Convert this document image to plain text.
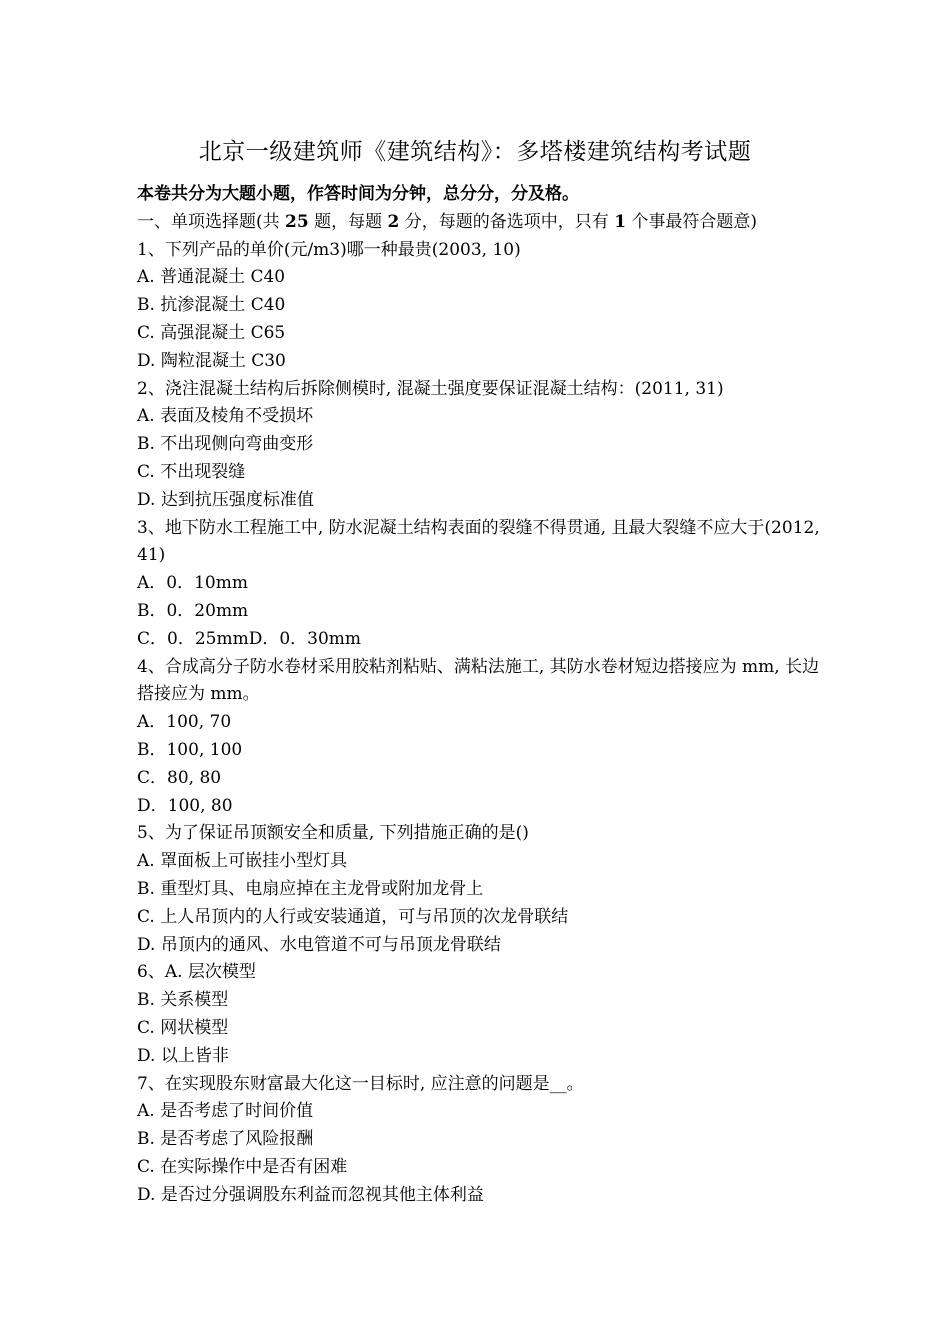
北京一级建筑师《建筑结构》：多塔楼建筑结构考试题
本卷共分为大题小题，作答时间为分钟，总分分，分及格。
一、单项选择题(共 25 题，每题 2 分，每题的备选项中，只有 1 个事最符合题意)
1、下列产品的单价(元/m3)哪一种最贵(2003, 10)
A. 普通混凝土 C40
B. 抗渗混凝土 C40
C. 高强混凝土 C65
D. 陶粒混凝土 C30
2、浇注混凝土结构后拆除侧模时, 混凝土强度要保证混凝土结构：(2011, 31)
A. 表面及棱角不受损坏
B. 不出现侧向弯曲变形
C. 不出现裂缝
D. 达到抗压强度标准值
3、地下防水工程施工中, 防水泥凝土结构表面的裂缝不得贯通, 且最大裂缝不应大于(2012, 41)
A．0．10mm
B．0．20mm
C．0．25mmD．0．30mm
4、合成高分子防水卷材采用胶粘剂粘贴、满粘法施工, 其防水卷材短边搭接应为 mm, 长边搭接应为 mm。
A．100, 70
B．100, 100
C．80, 80
D．100, 80
5、为了保证吊顶额安全和质量, 下列措施正确的是()
A. 罩面板上可嵌挂小型灯具
B. 重型灯具、电扇应掉在主龙骨或附加龙骨上
C. 上人吊顶内的人行或安装通道，可与吊顶的次龙骨联结
D. 吊顶内的通风、水电管道不可与吊顶龙骨联结
6、A. 层次模型
B. 关系模型
C. 网状模型
D. 以上皆非
7、在实现股东财富最大化这一目标时, 应注意的问题是__。
A. 是否考虑了时间价值
B. 是否考虑了风险报酬
C. 在实际操作中是否有困难
D. 是否过分强调股东利益而忽视其他主体利益
